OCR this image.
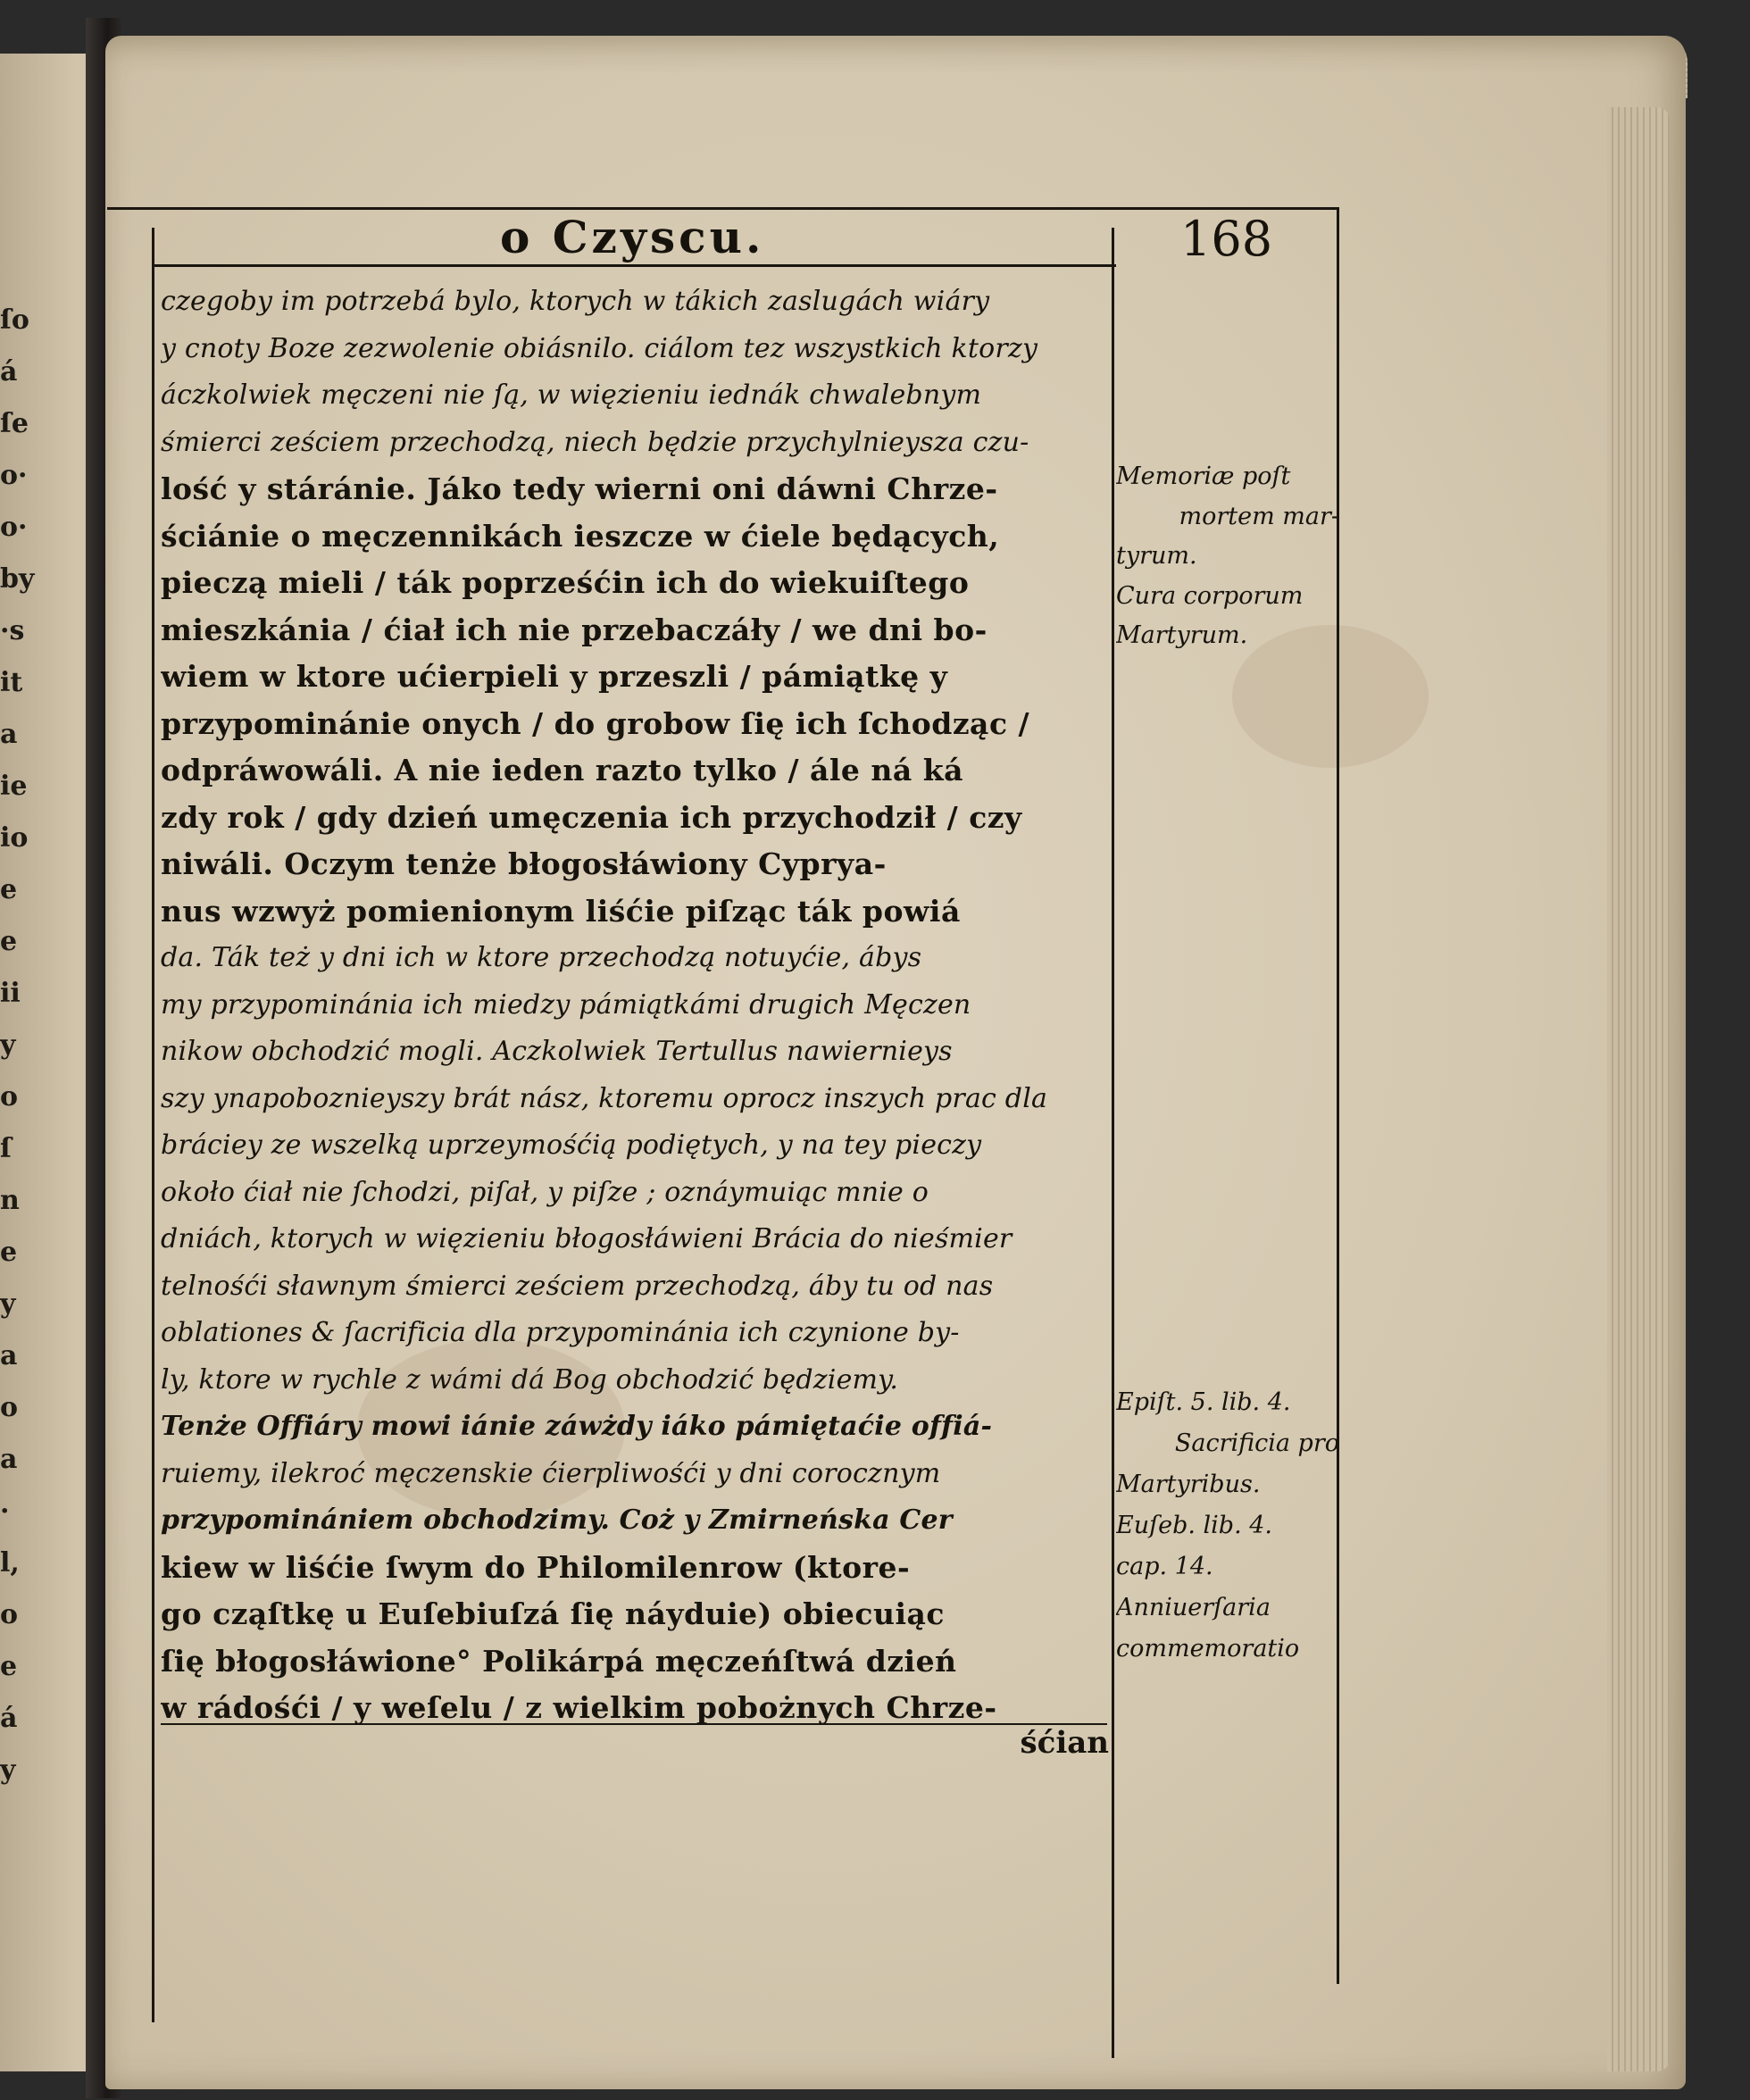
ſo
á
ſe
o·
o·
by
·s
it
a
ie
io
e
e
ii
y
o
ſ
n
e
y
a
o
a
·
l,
o
e
á
y
o Czyscu.	168
czegoby im potrzebá bylo, ktorych w tákich zaslugách wiáry
y cnoty Boze zezwolenie obiásnilo. ciálom tez wszystkich ktorzy
áczkolwiek męczeni nie ſą, w więzieniu iednák chwalebnym
śmierci ześciem przechodzą, niech będzie przychylnieysza czu-
lość y stáránie. Jáko tedy wierni oni dáwni Chrze-
ściánie o męczennikách ieszcze w ćiele będących,
pieczą mieli / ták poprześćin ich do wiekuiſtego
mieszkánia / ćiał ich nie przebaczáły / we dni bo-
wiem w ktore ućierpieli y przeszli / pámiątkę y
przypominánie onych / do grobow ſię ich ſchodząc /
odpráwowáli. A nie ieden razto tylko / ále ná ká
zdy rok / gdy dzień umęczenia ich przychodził / czy
niwáli. Oczym tenże błogosłáwiony Cyprya-
nus wzwyż pomienionym liśćie piſząc ták powiá
da. Ták też y dni ich w ktore przechodzą notuyćie, ábys
my przypominánia ich miedzy pámiątkámi drugich Męczen
nikow obchodzić mogli. Aczkolwiek Tertullus nawiernieys
szy ynapoboznieyszy brát nász, ktoremu oprocz inszych prac dla
bráciey ze wszelką uprzeymośćią podiętych, y na tey pieczy
około ćiał nie ſchodzi, piſał, y piſze ; oznáymuiąc mnie o
dniách, ktorych w więzieniu błogosłáwieni Brácia do nieśmier
telnośći sławnym śmierci ześciem przechodzą, áby tu od nas
oblationes & ſacrificia dla przypominánia ich czynione by-
ly, ktore w rychle z wámi dá Bog obchodzić będziemy.
Tenże Offiáry mowi iánie záwżdy iáko pámiętaćie offiá-
ruiemy, ilekroć męczenskie ćierpliwośći y dni corocznym
przypominániem obchodzimy. Coż y Zmirneńska Cer
kiew w liśćie ſwym do Philomilenrow (ktore-
go cząſtkę u Euſebiuſzá ſię náyduie) obiecuiąc
ſię błogosłáwione° Polikárpá męczeńſtwá dzień
w rádośći / y weſelu / z wielkim pobożnych Chrze-
śćian
Memoriæ poſt
mortem mar-
tyrum.
Cura corporum
Martyrum.
Epiſt. 5. lib. 4.
Sacrificia pro
Martyribus.
Euſeb. lib. 4.
cap. 14.
Anniuerſaria
commemoratio
